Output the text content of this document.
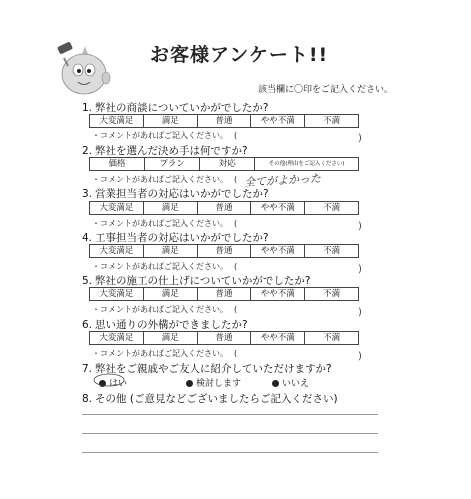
お客様アンケート!!
該当欄に〇印をご記入ください。
1. 弊社の商談についていかがでしたか?
大変満足	満足	普通	やや不満	不満
・コメントがあればご記入ください。 (	)
2. 弊社を選んだ決め手は何ですか?
価格	プラン	対応	その他(理由をご記入ください)
・コメントがあればご記入ください。 ( 全てがよかった
3. 営業担当者の対応はいかがでしたか?
大変満足	満足	普通	やや不満	不満
・コメントがあればご記入ください。 (	)
4. 工事担当者の対応はいかがでしたか?
大変満足	満足	普通	やや不満	不満
・コメントがあればご記入ください。 (	)
5. 弊社の施工の仕上げについていかがでしたか?
大変満足	満足	普通	やや不満	不満
・コメントがあればご記入ください。 (	)
6. 思い通りの外構ができましたか?
大変満足	満足	普通	やや不満	不満
・コメントがあればご記入ください。 (	)
7. 弊社をご親戚やご友人に紹介していただけますか?
はい	検討します	いいえ
8. その他 (ご意見などございましたらご記入ください)
